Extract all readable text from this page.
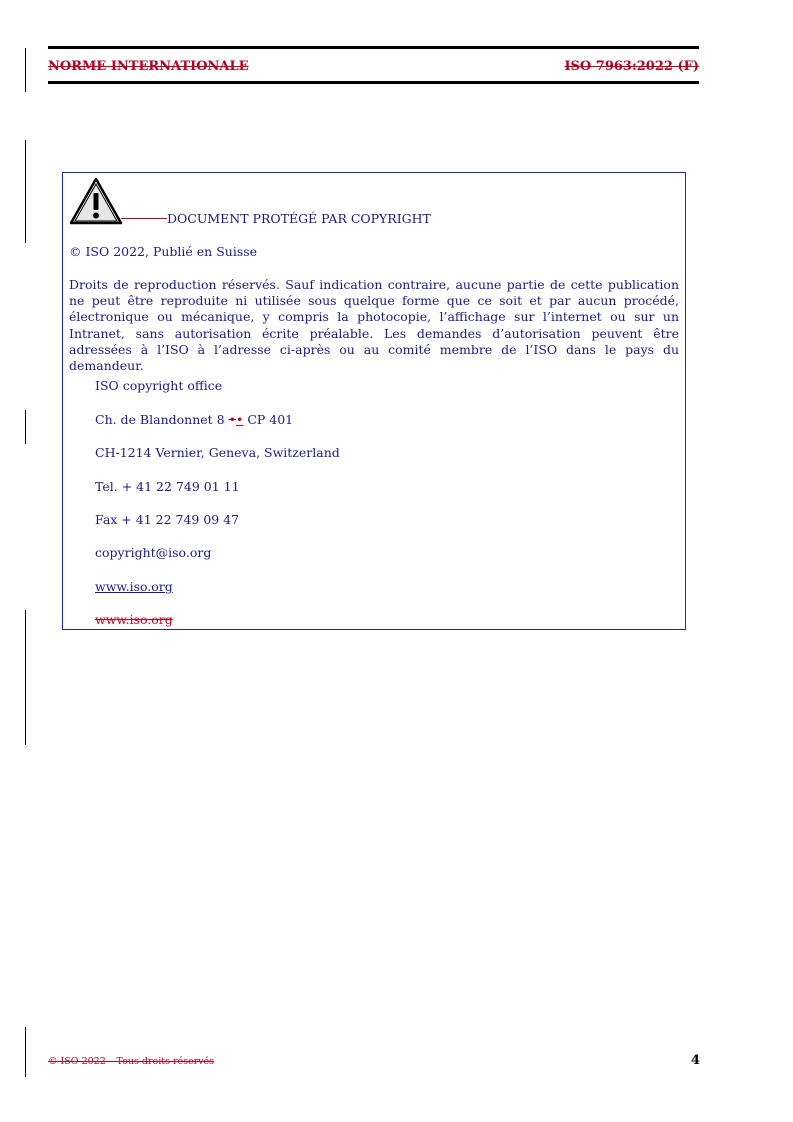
NORME INTERNATIONALE	ISO 7963:2022 (F)
DOCUMENT PROTÉGÉ PAR COPYRIGHT
© ISO 2022, Publié en Suisse
Droits de reproduction réservés. Sauf indication contraire, aucune partie de cette publication ne peut être reproduite ni utilisée sous quelque forme que ce soit et par aucun procédé, électronique ou mécanique, y compris la photocopie, l’affichage sur l’internet ou sur un Intranet, sans autorisation écrite préalable. Les demandes d’autorisation peuvent être adressées à l’ISO à l’adresse ci-après ou au comité membre de l’ISO dans le pays du demandeur.
ISO copyright office
Ch. de Blandonnet 8 •• CP 401
CH-1214 Vernier, Geneva, Switzerland
Tel. + 41 22 749 01 11
Fax + 41 22 749 09 47
copyright@iso.org
www.iso.org
www.iso.org
© ISO 2022 – Tous droits réservés	4
